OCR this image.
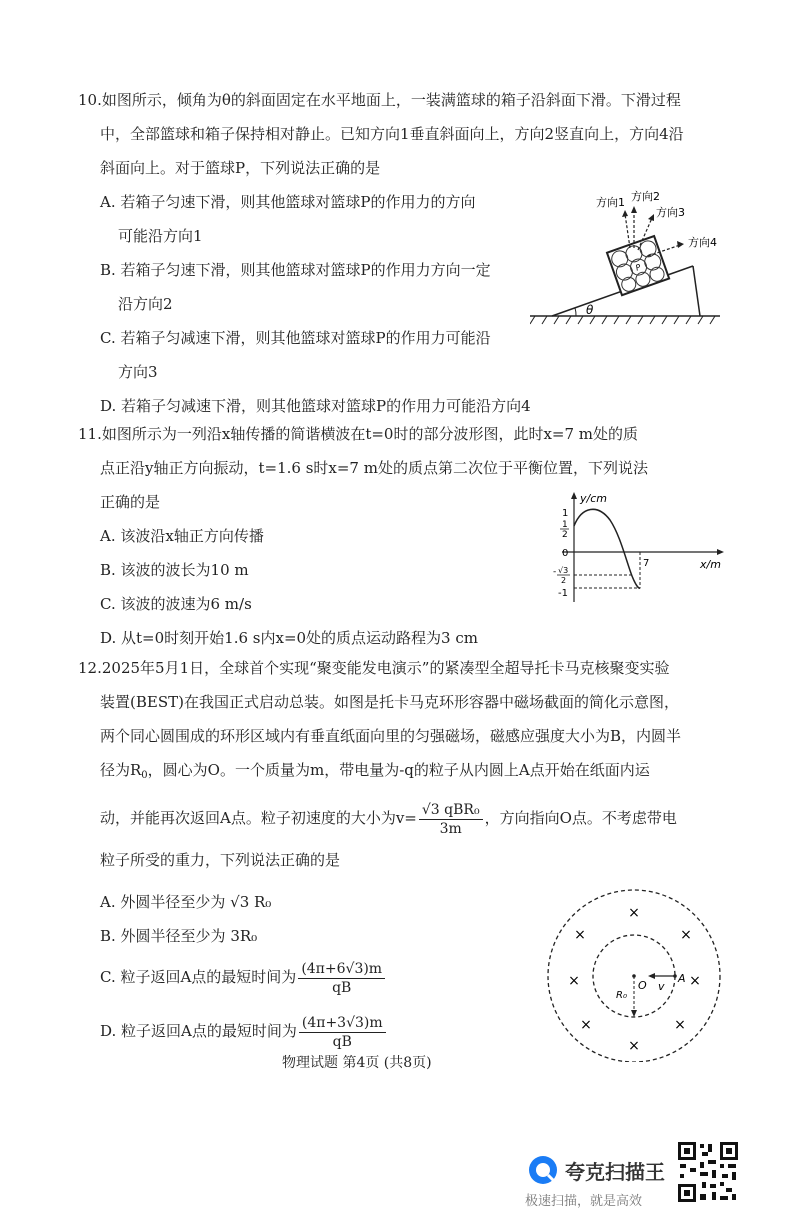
10.如图所示，倾角为θ的斜面固定在水平地面上，一装满篮球的箱子沿斜面下滑。下滑过程
中，全部篮球和箱子保持相对静止。已知方向1垂直斜面向上，方向2竖直向上，方向4沿
斜面向上。对于篮球P，下列说法正确的是
A. 若箱子匀速下滑，则其他篮球对篮球P的作用力的方向
可能沿方向1
B. 若箱子匀速下滑，则其他篮球对篮球P的作用力方向一定
沿方向2
C. 若箱子匀减速下滑，则其他篮球对篮球P的作用力可能沿
方向3
D. 若箱子匀减速下滑，则其他篮球对篮球P的作用力可能沿方向4
θ
P
方向1 方向2
方向3
方向4
11.如图所示为一列沿x轴传播的简谐横波在t=0时的部分波形图，此时x=7 m处的质
点正沿y轴正方向振动，t=1.6 s时x=7 m处的质点第二次位于平衡位置，下列说法
正确的是
A. 该波沿x轴正方向传播
B. 该波的波长为10 m
C. 该波的波速为6 m/s
D. 从t=0时刻开始1.6 s内x=0处的质点运动路程为3 cm
y/cm
x/m
1
1
2
0
- √3
2
-1
7
12.2025年5月1日，全球首个实现“聚变能发电演示”的紧凑型全超导托卡马克核聚变实验
装置(BEST)在我国正式启动总装。如图是托卡马克环形容器中磁场截面的简化示意图，
两个同心圆围成的环形区域内有垂直纸面向里的匀强磁场，磁感应强度大小为B，内圆半
径为$R_0$，圆心为O。一个质量为m，带电量为-q的粒子从内圆上A点开始在纸面内运
动，并能再次返回A点。粒子初速度的大小为$v= \frac{\text{√3 qBR₀}}{3m}$ ，方向指向O点。不考虑带电
粒子所受的重力，下列说法正确的是
A. 外圆半径至少为 √3 R₀
B. 外圆半径至少为 3R₀
C. 粒子返回A点的最短时间为 $\frac{(4\pi+6√3)m}{qB}$
D. 粒子返回A点的最短时间为 $\frac{(4\pi+3√3)m}{qB}$
×
×	×
×	×
×	×
×
O v
A
R₀
物理试题 第4页 (共8页)
夸克扫描王
极速扫描，就是高效
